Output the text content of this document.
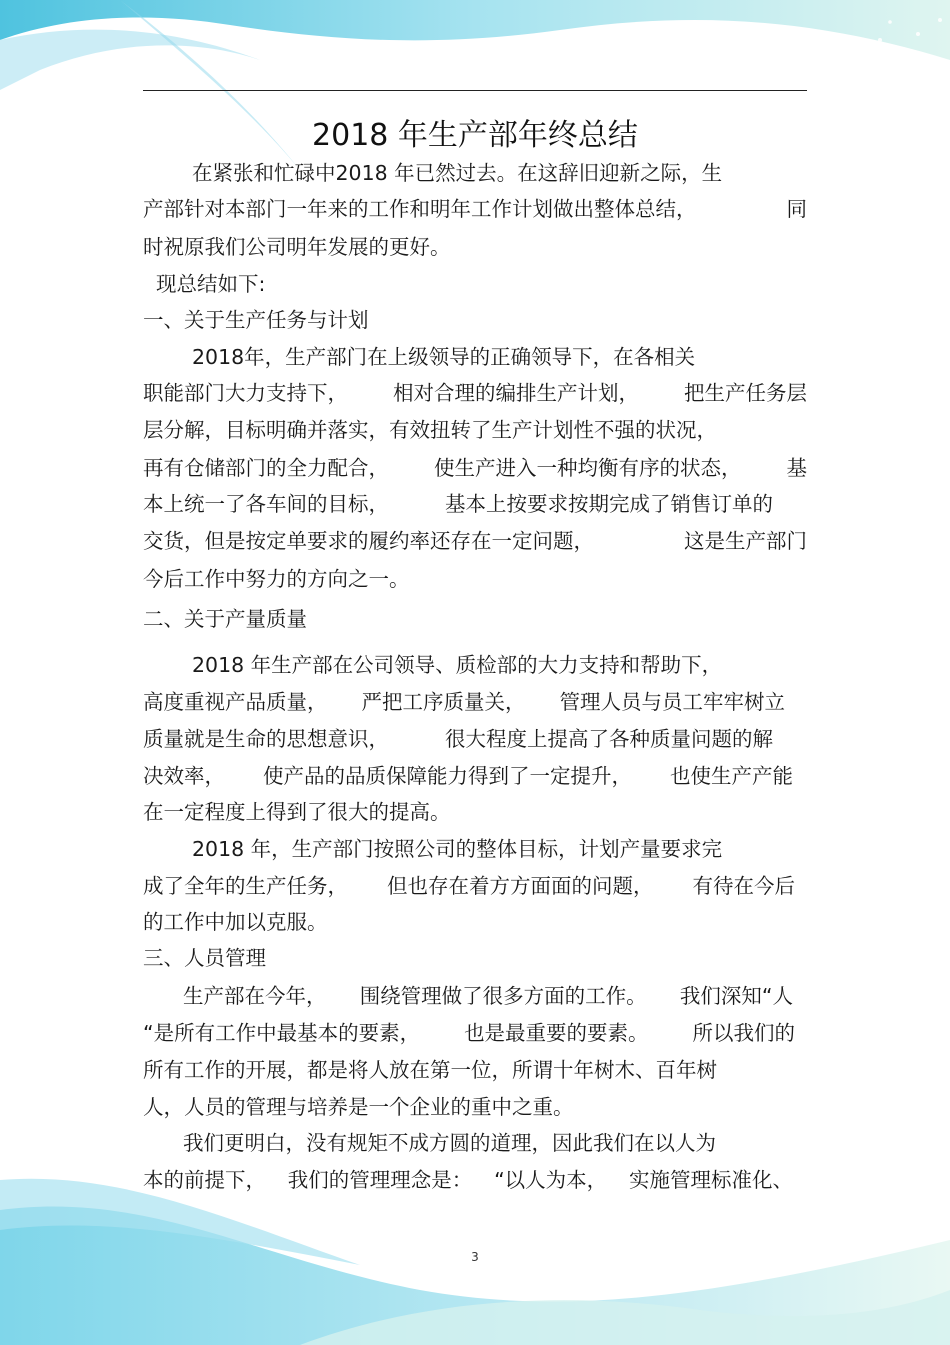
2018 年生产部年终总结
在紧张和忙碌中2018 年已然过去。在这辞旧迎新之际，生
产部针对本部门一年来的工作和明年工作计划做出整体总结，	同
时祝原我们公司明年发展的更好。
现总结如下:
一、关于生产任务与计划
2018年，生产部门在上级领导的正确领导下，在各相关
职能部门大力支持下， 相对合理的编排生产计划， 把生产任务层
层分解，目标明确并落实，有效扭转了生产计划性不强的状况，
再有仓储部门的全力配合， 使生产进入一种均衡有序的状态， 基
本上统一了各车间的目标，	基本上按要求按期完成了销售订单的
交货，但是按定单要求的履约率还存在一定问题，	这是生产部门
今后工作中努力的方向之一。
二、关于产量质量
2018 年生产部在公司领导、质检部的大力支持和帮助下，
高度重视产品质量， 严把工序质量关， 管理人员与员工牢牢树立
质量就是生命的思想意识，	很大程度上提高了各种质量问题的解
决效率， 使产品的品质保障能力得到了一定提升， 也使生产产能
在一定程度上得到了很大的提高。
2018 年，生产部门按照公司的整体目标，计划产量要求完
成了全年的生产任务， 但也存在着方方面面的问题， 有待在今后
的工作中加以克服。
三、人员管理
生产部在今年， 围绕管理做了很多方面的工作。 我们深知“人
“是所有工作中最基本的要素， 也是最重要的要素。 所以我们的
所有工作的开展，都是将人放在第一位，所谓十年树木、百年树
人，人员的管理与培养是一个企业的重中之重。
我们更明白，没有规矩不成方圆的道理，因此我们在以人为
本的前提下， 我们的管理理念是： “以人为本， 实施管理标准化、
3
